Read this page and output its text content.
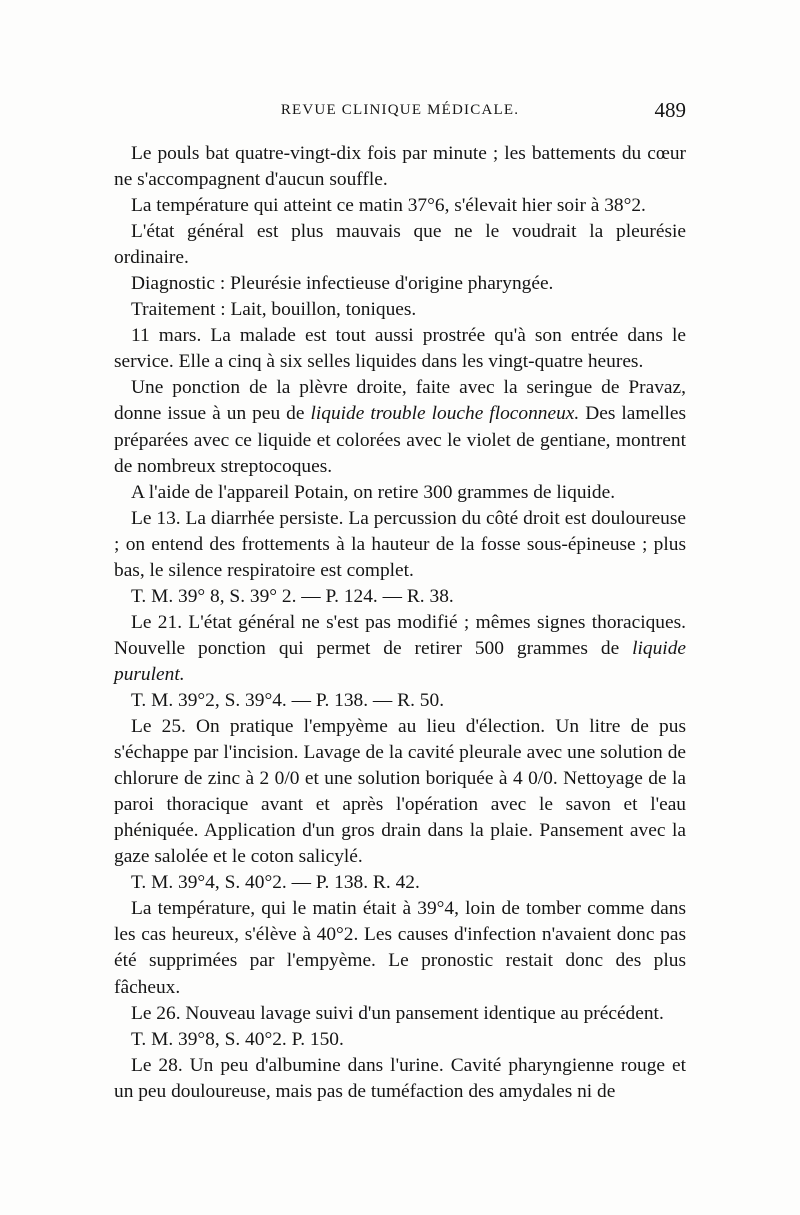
REVUE CLINIQUE MÉDICALE.	489

Le pouls bat quatre-vingt-dix fois par minute ; les battements du cœur ne s'accompagnent d'aucun souffle.

La température qui atteint ce matin 37°6, s'élevait hier soir à 38°2.

L'état général est plus mauvais que ne le voudrait la pleurésie ordinaire.

Diagnostic : Pleurésie infectieuse d'origine pharyngée.

Traitement : Lait, bouillon, toniques.

11 mars. La malade est tout aussi prostrée qu'à son entrée dans le service. Elle a cinq à six selles liquides dans les vingt-quatre heures.

Une ponction de la plèvre droite, faite avec la seringue de Pravaz, donne issue à un peu de liquide trouble louche floconneux. Des lamelles préparées avec ce liquide et colorées avec le violet de gentiane, montrent de nombreux streptocoques.

A l'aide de l'appareil Potain, on retire 300 grammes de liquide.

Le 13. La diarrhée persiste. La percussion du côté droit est douloureuse ; on entend des frottements à la hauteur de la fosse sous-épineuse ; plus bas, le silence respiratoire est complet.

T. M. 39° 8, S. 39° 2. — P. 124. — R. 38.

Le 21. L'état général ne s'est pas modifié ; mêmes signes thoraciques. Nouvelle ponction qui permet de retirer 500 grammes de liquide purulent.

T. M. 39°2, S. 39°4. — P. 138. — R. 50.

Le 25. On pratique l'empyème au lieu d'élection. Un litre de pus s'échappe par l'incision. Lavage de la cavité pleurale avec une solution de chlorure de zinc à 2 0/0 et une solution boriquée à 4 0/0. Nettoyage de la paroi thoracique avant et après l'opération avec le savon et l'eau phéniquée. Application d'un gros drain dans la plaie. Pansement avec la gaze salolée et le coton salicylé.

T. M. 39°4, S. 40°2. — P. 138. R. 42.

La température, qui le matin était à 39°4, loin de tomber comme dans les cas heureux, s'élève à 40°2. Les causes d'infection n'avaient donc pas été supprimées par l'empyème. Le pronostic restait donc des plus fâcheux.

Le 26. Nouveau lavage suivi d'un pansement identique au précédent.

T. M. 39°8, S. 40°2. P. 150.

Le 28. Un peu d'albumine dans l'urine. Cavité pharyngienne rouge et un peu douloureuse, mais pas de tuméfaction des amydales ni de
